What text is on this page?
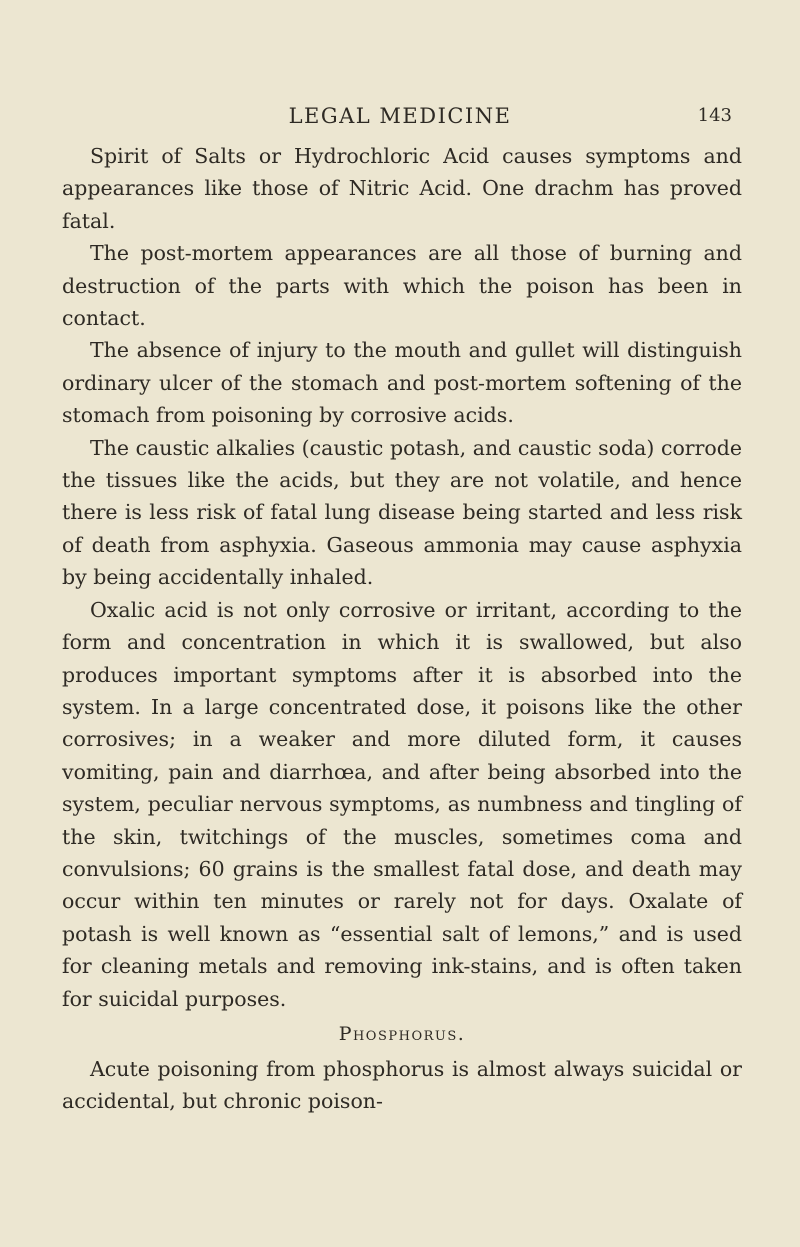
LEGAL MEDICINE	143

Spirit of Salts or Hydrochloric Acid causes symptoms and appearances like those of Nitric Acid. One drachm has proved fatal.

The post-mortem appearances are all those of burning and destruction of the parts with which the poison has been in contact.

The absence of injury to the mouth and gullet will distinguish ordinary ulcer of the stomach and post-mortem softening of the stomach from poisoning by corrosive acids.

The caustic alkalies (caustic potash, and caustic soda) corrode the tissues like the acids, but they are not volatile, and hence there is less risk of fatal lung disease being started and less risk of death from asphyxia. Gaseous ammonia may cause asphyxia by being accidentally inhaled.

Oxalic acid is not only corrosive or irritant, according to the form and concentration in which it is swallowed, but also produces important symptoms after it is absorbed into the system. In a large concentrated dose, it poisons like the other corrosives; in a weaker and more diluted form, it causes vomiting, pain and diarrhœa, and after being absorbed into the system, peculiar nervous symptoms, as numbness and tingling of the skin, twitchings of the muscles, sometimes coma and convulsions; 60 grains is the smallest fatal dose, and death may occur within ten minutes or rarely not for days. Oxalate of potash is well known as “essential salt of lemons,” and is used for cleaning metals and removing ink-stains, and is often taken for suicidal purposes.

Phosphorus.

Acute poisoning from phosphorus is almost always suicidal or accidental, but chronic poison-
